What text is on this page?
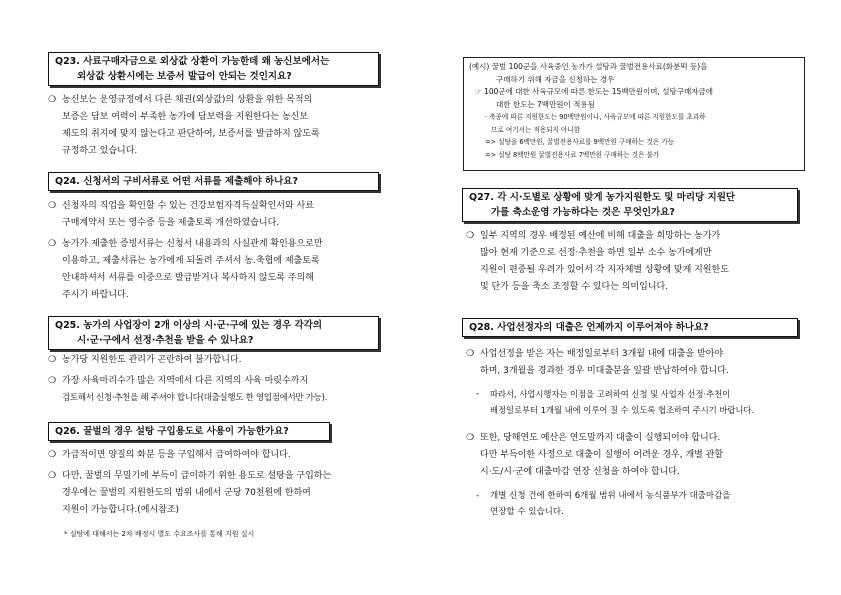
Q23. 사료구매자금으로 외상값 상환이 가능한데 왜 농신보에서는
외상값 상환시에는 보증서 발급이 안되는 것인지요?
❍ 농신보는 운영규정에서 다른 채권(외상값)의 상환을 위한 목적의
보증은 담보 여력이 부족한 농가에 담보력을 지원한다는 농신보
제도의 취지에 맞지 않는다고 판단하여, 보증서를 발급하지 않도록
규정하고 있습니다.
Q24. 신청서의 구비서류로 어떤 서류를 제출해야 하나요?
❍ 신청자의 직업을 확인할 수 있는 건강보험자격득실확인서와 사료
구매계약서 또는 영수증 등을 제출토록 개선하였습니다.
❍ 농가가 제출한 증빙서류는 신청서 내용과의 사실관계 확인용으로만
이용하고, 제출서류는 농가에게 되돌려 주셔서 농.축협에 제출토록
안내하셔서 서류를 이중으로 발급받거나 복사하지 않도록 주의해
주시기 바랍니다.
Q25. 농가의 사업장이 2개 이상의 시·군·구에 있는 경우 각각의
시·군·구에서 선정·추천을 받을 수 있나요?
❍ 농가당 지원한도 관리가 곤란하여 불가합니다.
❍ 가장 사육마리수가 많은 지역에서 다른 지역의 사육 마릿수까지
검토해서 신청·추천을 해 주셔야 합니다(대출실행도 한 영업점에서만 가능).
Q26. 꿀벌의 경우 설탕 구입용도로 사용이 가능한가요?
❍ 가급적이면 양질의 화분 등을 구입해서 급여하여야 합니다.
❍ 다만, 꿀벌의 무밀기에 부득이 급이하기 위한 용도로 설탕을 구입하는
경우에는 꿀벌의 지원한도의 범위 내에서 군당 70천원에 한하여
지원이 가능합니다.(예시참조)
* 설탕에 대해서는 2차 배정시 별도 수요조사를 통해 지원 실시
(예시) 꿀벌 100군을 사육중인 농가가 설탕과 꿀벌전용사료(화분떡 등)을
구매하기 위해 자금을 신청하는 경우
☞ 100군에 대한 사육규모에 따른 한도는 15백만원이며, 설탕구매자금에
대한 한도는 7백만원이 적용됨
· 축종에 따른 지원한도는 90백만원이나, 사육규모에 따른 지원한도를 초과하
므로 여기서는 적용되지 아니함
=> 설탕을 6백만원, 꿀벌전용사료를 9백만원 구매하는 것은 가능
=> 설탕 8백만원 꿀벌전용사료 7백만원 구매하는 것은 불가
Q27. 각 시·도별로 상황에 맞게 농가지원한도 및 마리당 지원단
가를 축소운영 가능하다는 것은 무엇인가요?
❍ 일부 지역의 경우 배정된 예산에 비해 대출을 희망하는 농가가
많아 현재 기준으로 선정·추천을 하면 일부 소수 농가에게만
지원이 편중될 우려가 있어서 각 지자체별 상황에 맞게 지원한도
및 단가 등을 축소 조정할 수 있다는 의미입니다.
Q28. 사업선정자의 대출은 언제까지 이루어져야 하나요?
❍ 사업선정을 받은 자는 배정일로부터 3개월 내에 대출을 받아야
하며, 3개월을 경과한 경우 미대출분을 일괄 반납하여야 합니다.
-	따라서, 사업시행자는 이점을 고려하여 신청 및 사업자 선정·추천이
배정일로부터 1개월 내에 이루어 질 수 있도록 협조하여 주시기 바랍니다.
❍ 또한, 당해연도 예산은 연도말까지 대출이 실행되어야 합니다.
다만 부득이한 사정으로 대출이 실행이 어려운 경우, 개별 관할
시·도/시·군에 대출마감 연장 신청을 하여야 합니다.
-	개별 신청 건에 한하여 6개월 범위 내에서 농식품부가 대출마감을
연장할 수 있습니다.
